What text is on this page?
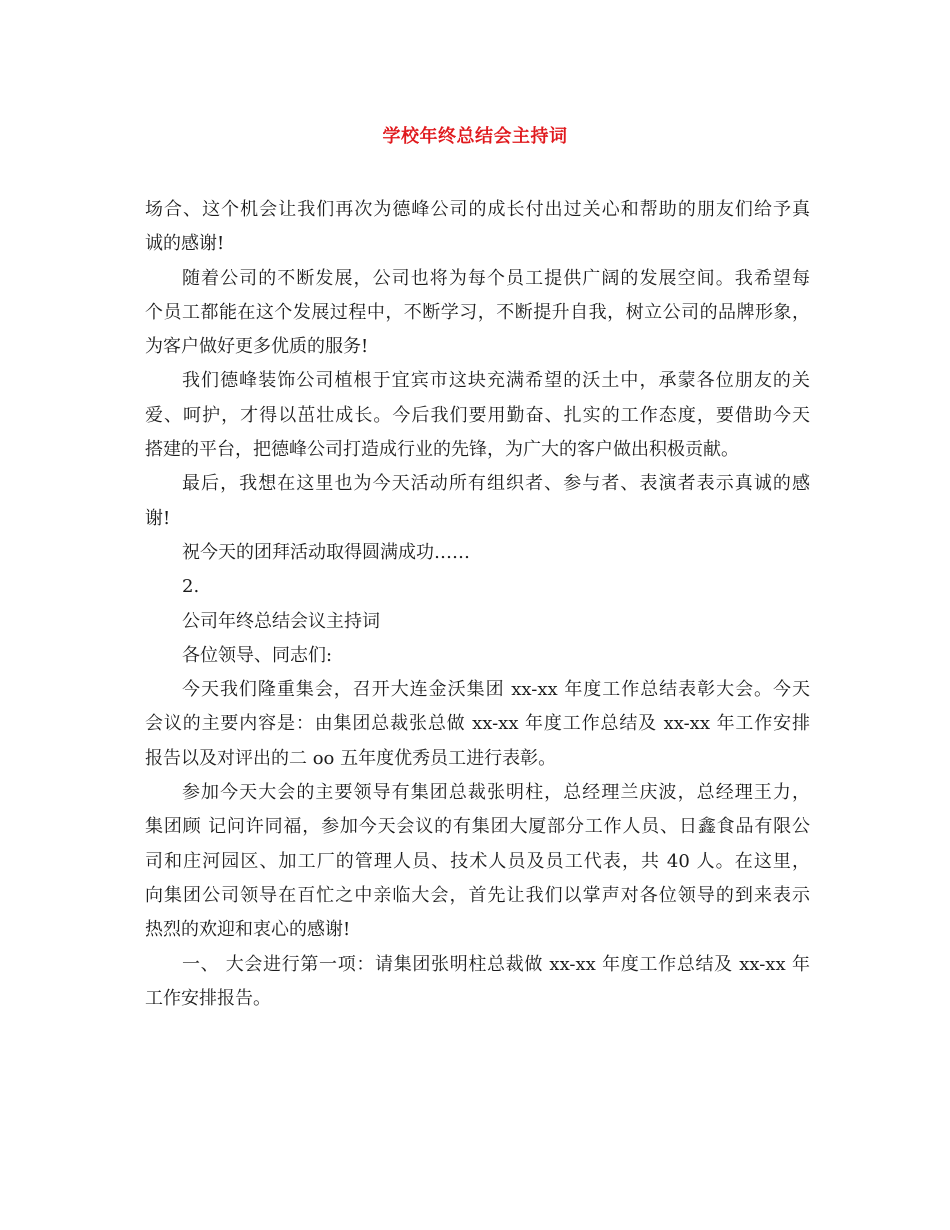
学校年终总结会主持词
场合、这个机会让我们再次为德峰公司的成长付出过关心和帮助的朋友们给予真
诚的感谢!
随着公司的不断发展，公司也将为每个员工提供广阔的发展空间。我希望每
个员工都能在这个发展过程中，不断学习，不断提升自我，树立公司的品牌形象，
为客户做好更多优质的服务!
我们德峰装饰公司植根于宜宾市这块充满希望的沃土中，承蒙各位朋友的关
爱、呵护，才得以茁壮成长。今后我们要用勤奋、扎实的工作态度，要借助今天
搭建的平台，把德峰公司打造成行业的先锋，为广大的客户做出积极贡献。
最后，我想在这里也为今天活动所有组织者、参与者、表演者表示真诚的感
谢!
祝今天的团拜活动取得圆满成功……
2.
公司年终总结会议主持词
各位领导、同志们:
今天我们隆重集会，召开大连金沃集团 xx-xx 年度工作总结表彰大会。今天
会议的主要内容是：由集团总裁张总做 xx-xx 年度工作总结及 xx-xx 年工作安排
报告以及对评出的二 oo 五年度优秀员工进行表彰。
参加今天大会的主要领导有集团总裁张明柱，总经理兰庆波，总经理王力，
集团顾 记问许同福，参加今天会议的有集团大厦部分工作人员、日鑫食品有限公
司和庄河园区、加工厂的管理人员、技术人员及员工代表，共 40 人。在这里，
向集团公司领导在百忙之中亲临大会，首先让我们以掌声对各位领导的到来表示
热烈的欢迎和衷心的感谢!
一、 大会进行第一项：请集团张明柱总裁做 xx-xx 年度工作总结及 xx-xx 年
工作安排报告。
